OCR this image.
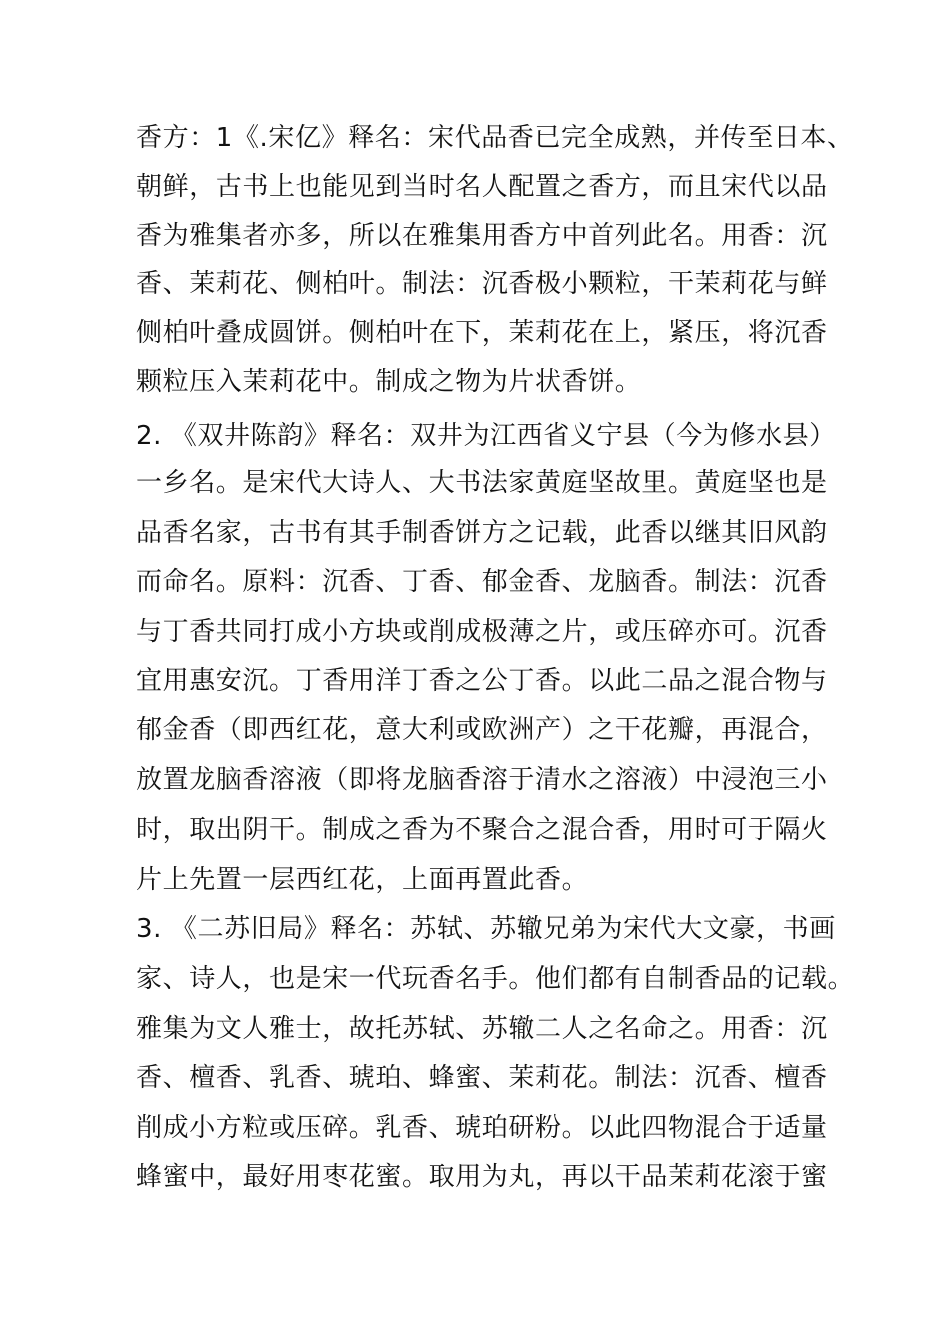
香方：1《.宋亿》释名：宋代品香已完全成熟，并传至日本、
朝鲜，古书上也能见到当时名人配置之香方，而且宋代以品
香为雅集者亦多，所以在雅集用香方中首列此名。用香：沉
香、茉莉花、侧柏叶。制法：沉香极小颗粒，干茉莉花与鲜
侧柏叶叠成圆饼。侧柏叶在下，茉莉花在上，紧压，将沉香
颗粒压入茉莉花中。制成之物为片状香饼。
2. 《双井陈韵》释名：双井为江西省义宁县（今为修水县）
一乡名。是宋代大诗人、大书法家黄庭坚故里。黄庭坚也是
品香名家，古书有其手制香饼方之记载，此香以继其旧风韵
而命名。原料：沉香、丁香、郁金香、龙脑香。制法：沉香
与丁香共同打成小方块或削成极薄之片，或压碎亦可。沉香
宜用惠安沉。丁香用洋丁香之公丁香。以此二品之混合物与
郁金香（即西红花，意大利或欧洲产）之干花瓣，再混合，
放置龙脑香溶液（即将龙脑香溶于清水之溶液）中浸泡三小
时，取出阴干。制成之香为不聚合之混合香，用时可于隔火
片上先置一层西红花，上面再置此香。
3. 《二苏旧局》释名：苏轼、苏辙兄弟为宋代大文豪，书画
家、诗人，也是宋一代玩香名手。他们都有自制香品的记载。
雅集为文人雅士，故托苏轼、苏辙二人之名命之。用香：沉
香、檀香、乳香、琥珀、蜂蜜、茉莉花。制法：沉香、檀香
削成小方粒或压碎。乳香、琥珀研粉。以此四物混合于适量
蜂蜜中，最好用枣花蜜。取用为丸，再以干品茉莉花滚于蜜
